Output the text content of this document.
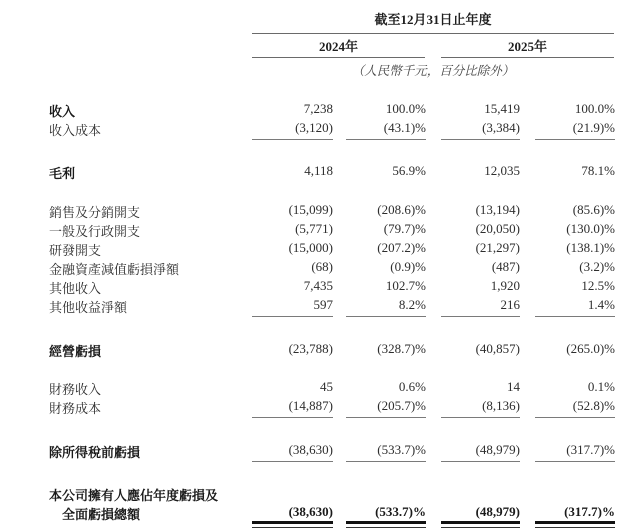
截至12月31日止年度
2024年	2025年
（人民幣千元，百分比除外）
收入	7,238	100.0%	15,419	100.0%
收入成本	(3,120)	(43.1)%	(3,384)	(21.9)%
毛利	4,118	56.9%	12,035	78.1%
銷售及分銷開支	(15,099)	(208.6)%	(13,194)	(85.6)%
一般及行政開支	(5,771)	(79.7)%	(20,050)	(130.0)%
研發開支	(15,000)	(207.2)%	(21,297)	(138.1)%
金融資產減值虧損淨額	(68)	(0.9)%	(487)	(3.2)%
其他收入	7,435	102.7%	1,920	12.5%
其他收益淨額	597	8.2%	216	1.4%
經營虧損	(23,788)	(328.7)%	(40,857)	(265.0)%
財務收入	45	0.6%	14	0.1%
財務成本	(14,887)	(205.7)%	(8,136)	(52.8)%
除所得稅前虧損	(38,630)	(533.7)%	(48,979)	(317.7)%
本公司擁有人應佔年度虧損及
全面虧損總額	(38,630)	(533.7)%	(48,979)	(317.7)%
